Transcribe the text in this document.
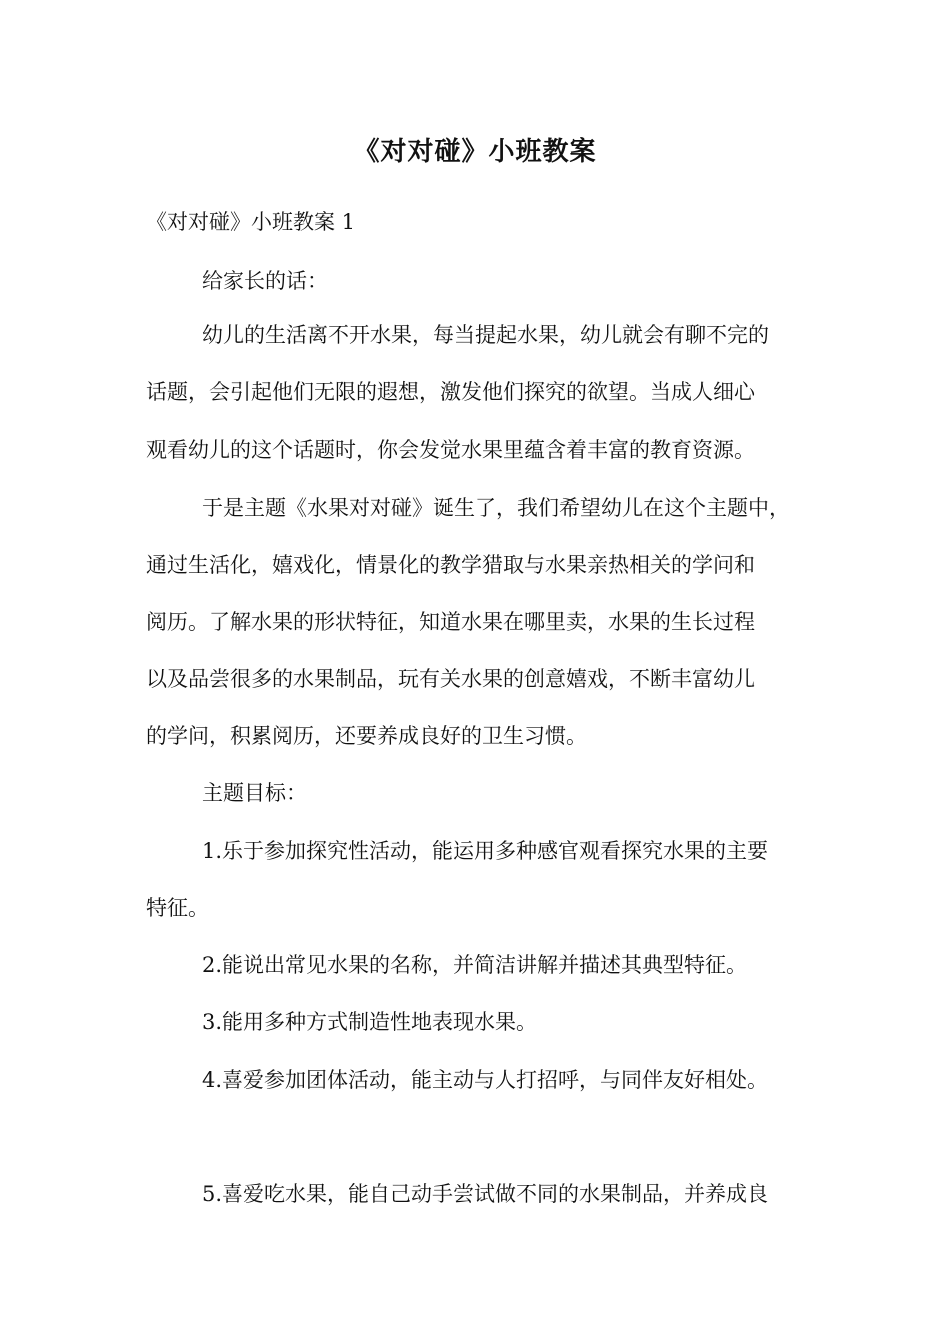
《对对碰》小班教案

《对对碰》小班教案 1

给家长的话：

幼儿的生活离不开水果，每当提起水果，幼儿就会有聊不完的

话题，会引起他们无限的遐想，激发他们探究的欲望。当成人细心

观看幼儿的这个话题时，你会发觉水果里蕴含着丰富的教育资源。

于是主题《水果对对碰》诞生了，我们希望幼儿在这个主题中，

通过生活化，嬉戏化，情景化的教学猎取与水果亲热相关的学问和

阅历。了解水果的形状特征，知道水果在哪里卖，水果的生长过程

以及品尝很多的水果制品，玩有关水果的创意嬉戏，不断丰富幼儿

的学问，积累阅历，还要养成良好的卫生习惯。

主题目标：

1.乐于参加探究性活动，能运用多种感官观看探究水果的主要

特征。

2.能说出常见水果的名称，并简洁讲解并描述其典型特征。

3.能用多种方式制造性地表现水果。

4.喜爱参加团体活动，能主动与人打招呼，与同伴友好相处。

5.喜爱吃水果，能自己动手尝试做不同的水果制品，并养成良
